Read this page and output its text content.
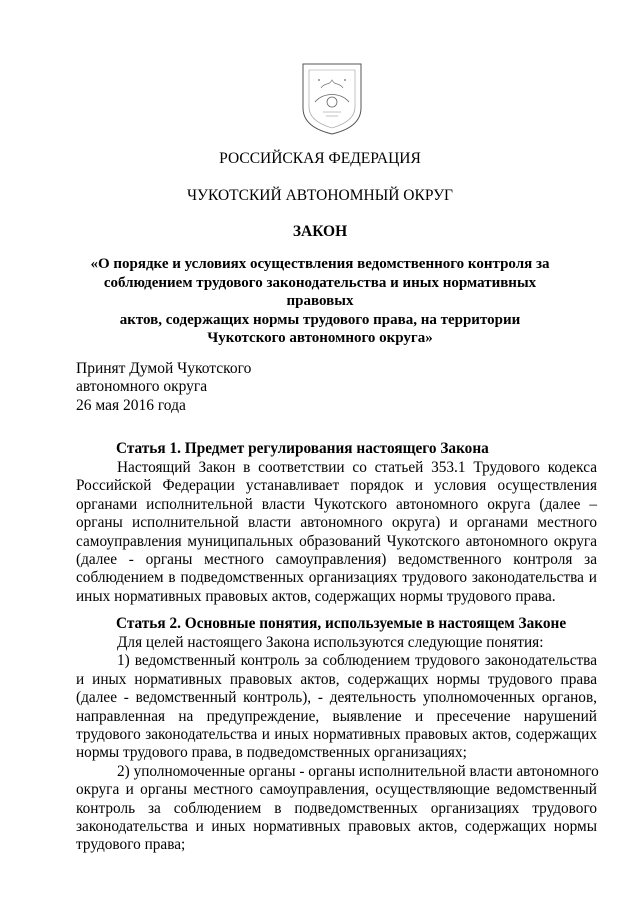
РОССИЙСКАЯ ФЕДЕРАЦИЯ
ЧУКОТСКИЙ АВТОНОМНЫЙ ОКРУГ
ЗАКОН
«О порядке и условиях осуществления ведомственного контроля за
соблюдением трудового законодательства и иных нормативных правовых
актов, содержащих нормы трудового права, на территории
Чукотского автономного округа»
Принят Думой Чукотского
автономного округа
26 мая 2016 года
Статья 1. Предмет регулирования настоящего Закона
Настоящий Закон в соответствии со статьей 353.1 Трудового кодекса
Российской Федерации устанавливает порядок и условия осуществления
органами исполнительной власти Чукотского автономного округа (далее –
органы исполнительной власти автономного округа) и органами местного
самоуправления муниципальных образований Чукотского автономного округа
(далее - органы местного самоуправления) ведомственного контроля за
соблюдением в подведомственных организациях трудового законодательства и
иных нормативных правовых актов, содержащих нормы трудового права.
Статья 2. Основные понятия, используемые в настоящем Законе
Для целей настоящего Закона используются следующие понятия:
1) ведомственный контроль за соблюдением трудового законодательства
и иных нормативных правовых актов, содержащих нормы трудового права
(далее - ведомственный контроль), - деятельность уполномоченных органов,
направленная на предупреждение, выявление и пресечение нарушений
трудового законодательства и иных нормативных правовых актов, содержащих
нормы трудового права, в подведомственных организациях;
2) уполномоченные органы - органы исполнительной власти автономного
округа и органы местного самоуправления, осуществляющие ведомственный
контроль за соблюдением в подведомственных организациях трудового
законодательства и иных нормативных правовых актов, содержащих нормы
трудового права;
